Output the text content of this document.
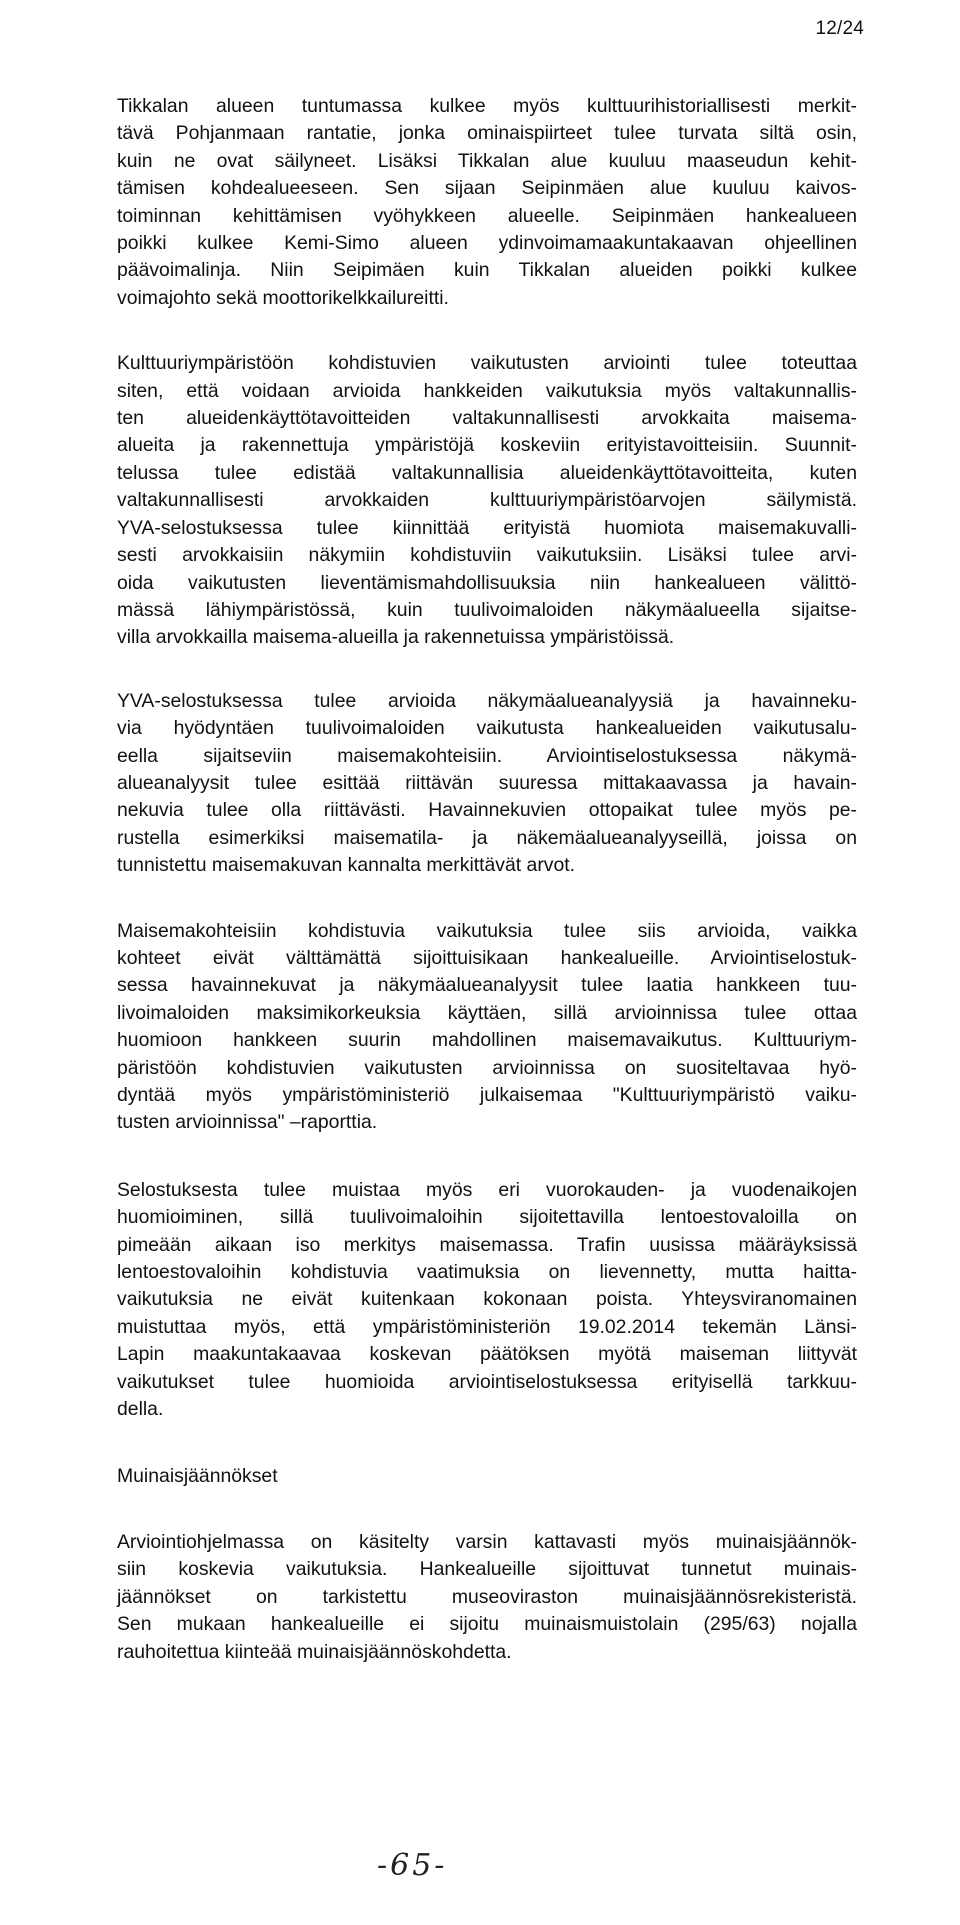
12/24

Tikkalan alueen tuntumassa kulkee myös kulttuurihistoriallisesti merkit-
tävä Pohjanmaan rantatie, jonka ominaispiirteet tulee turvata siltä osin,
kuin ne ovat säilyneet. Lisäksi Tikkalan alue kuuluu maaseudun kehit-
tämisen kohdealueeseen. Sen sijaan Seipinmäen alue kuuluu kaivos-
toiminnan kehittämisen vyöhykkeen alueelle. Seipinmäen hankealueen
poikki kulkee Kemi-Simo alueen ydinvoimamaakuntakaavan ohjeellinen
päävoimalinja. Niin Seipimäen kuin Tikkalan alueiden poikki kulkee
voimajohto sekä moottorikelkkailureitti.

Kulttuuriympäristöön kohdistuvien vaikutusten arviointi tulee toteuttaa
siten, että voidaan arvioida hankkeiden vaikutuksia myös valtakunnallis-
ten alueidenkäyttötavoitteiden valtakunnallisesti arvokkaita maisema-
alueita ja rakennettuja ympäristöjä koskeviin erityistavoitteisiin. Suunnit-
telussa tulee edistää valtakunnallisia alueidenkäyttötavoitteita, kuten
valtakunnallisesti arvokkaiden kulttuuriympäristöarvojen säilymistä.
YVA-selostuksessa tulee kiinnittää erityistä huomiota maisemakuvalli-
sesti arvokkaisiin näkymiin kohdistuviin vaikutuksiin. Lisäksi tulee arvi-
oida vaikutusten lieventämismahdollisuuksia niin hankealueen välittö-
mässä lähiympäristössä, kuin tuulivoimaloiden näkymäalueella sijaitse-
villa arvokkailla maisema-alueilla ja rakennetuissa ympäristöissä.

YVA-selostuksessa tulee arvioida näkymäalueanalyysiä ja havainneku-
via hyödyntäen tuulivoimaloiden vaikutusta hankealueiden vaikutusalu-
eella sijaitseviin maisemakohteisiin. Arviointiselostuksessa näkymä-
alueanalyysit tulee esittää riittävän suuressa mittakaavassa ja havain-
nekuvia tulee olla riittävästi. Havainnekuvien ottopaikat tulee myös pe-
rustella esimerkiksi maisematila- ja näkemäalueanalyyseillä, joissa on
tunnistettu maisemakuvan kannalta merkittävät arvot.

Maisemakohteisiin kohdistuvia vaikutuksia tulee siis arvioida, vaikka
kohteet eivät välttämättä sijoittuisikaan hankealueille. Arviointiselostuk-
sessa havainnekuvat ja näkymäalueanalyysit tulee laatia hankkeen tuu-
livoimaloiden maksimikorkeuksia käyttäen, sillä arvioinnissa tulee ottaa
huomioon hankkeen suurin mahdollinen maisemavaikutus. Kulttuuriym-
päristöön kohdistuvien vaikutusten arvioinnissa on suositeltavaa hyö-
dyntää myös ympäristöministeriö julkaisemaa "Kulttuuriympäristö vaiku-
tusten arvioinnissa" –raporttia.

Selostuksesta tulee muistaa myös eri vuorokauden- ja vuodenaikojen
huomioiminen, sillä tuulivoimaloihin sijoitettavilla lentoestovaloilla on
pimeään aikaan iso merkitys maisemassa. Trafin uusissa määräyksissä
lentoestovaloihin kohdistuvia vaatimuksia on lievennetty, mutta haitta-
vaikutuksia ne eivät kuitenkaan kokonaan poista. Yhteysviranomainen
muistuttaa myös, että ympäristöministeriön 19.02.2014 tekemän Länsi-
Lapin maakuntakaavaa koskevan päätöksen myötä maiseman liittyvät
vaikutukset tulee huomioida arviointiselostuksessa erityisellä tarkkuu-
della.

Muinaisjäännökset

Arviointiohjelmassa on käsitelty varsin kattavasti myös muinaisjäännök-
siin koskevia vaikutuksia. Hankealueille sijoittuvat tunnetut muinais-
jäännökset on tarkistettu museoviraston muinaisjäännösrekisteristä.
Sen mukaan hankealueille ei sijoitu muinaismuistolain (295/63) nojalla
rauhoitettua kiinteää muinaisjäännöskohdetta.

-65-
